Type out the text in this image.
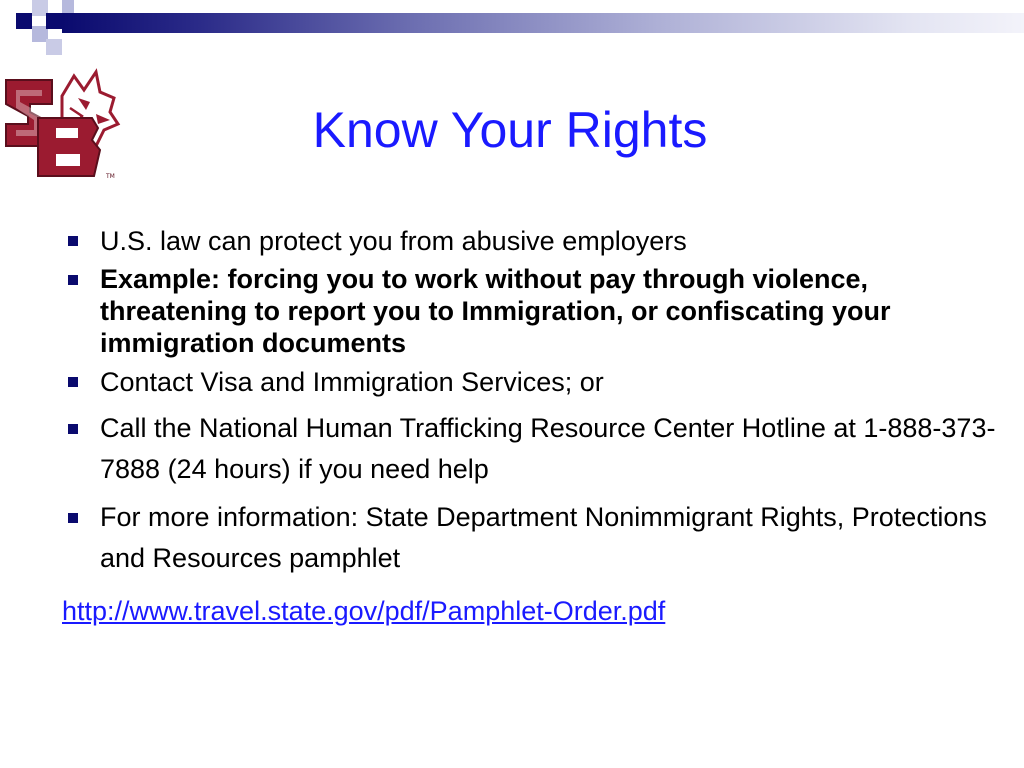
TM
Know Your Rights
U.S. law can protect you from abusive employers
Example: forcing you to work without pay through violence, threatening to report you to Immigration, or confiscating your immigration documents
Contact Visa and Immigration Services; or
Call the National Human Trafficking Resource Center Hotline at 1-888-373-7888 (24 hours) if you need help
For more information: State Department Nonimmigrant Rights, Protections and Resources pamphlet
http://www.travel.state.gov/pdf/Pamphlet-Order.pdf
